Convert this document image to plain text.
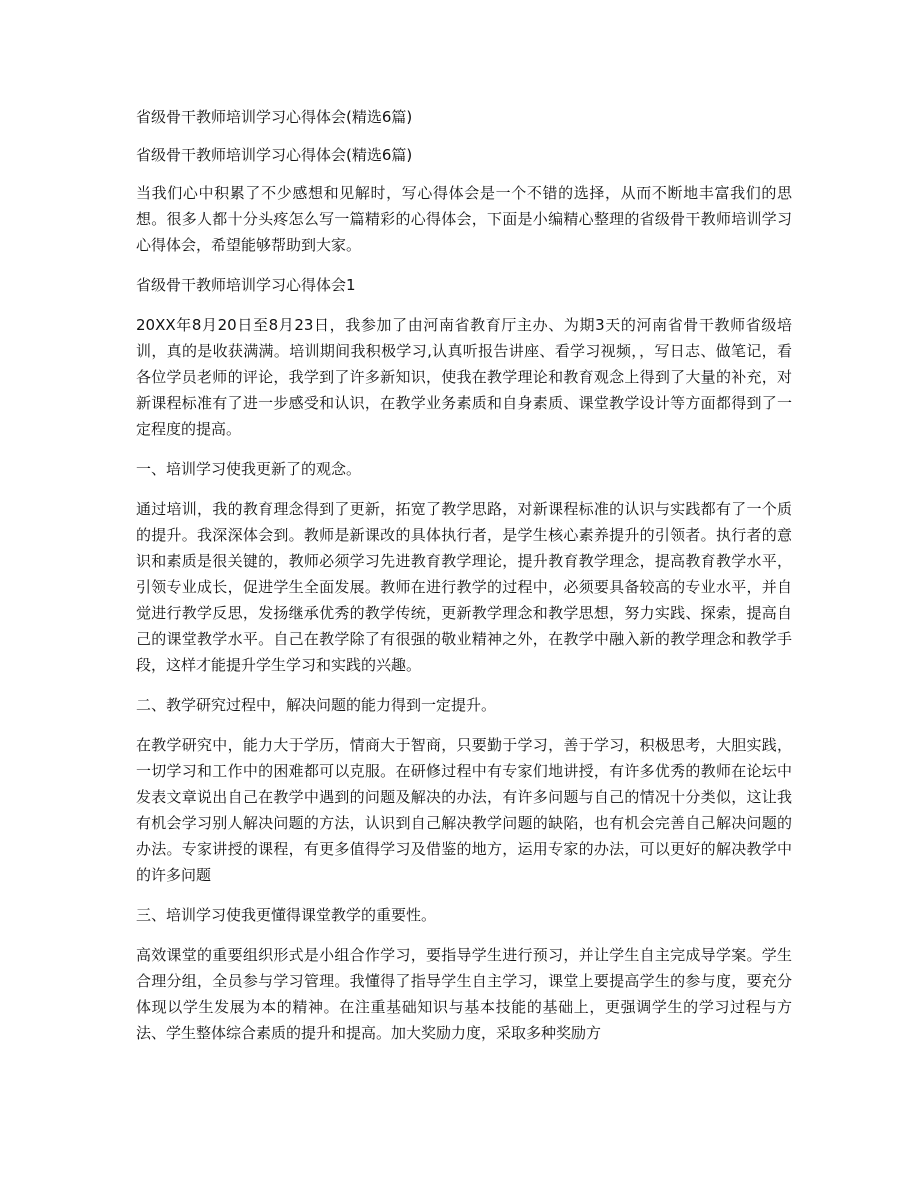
省级骨干教师培训学习心得体会(精选6篇)

省级骨干教师培训学习心得体会(精选6篇)

当我们心中积累了不少感想和见解时，写心得体会是一个不错的选择，从而不断地丰富我们的思想。很多人都十分头疼怎么写一篇精彩的心得体会，下面是小编精心整理的省级骨干教师培训学习心得体会，希望能够帮助到大家。

省级骨干教师培训学习心得体会1

20XX年8月20日至8月23日，我参加了由河南省教育厅主办、为期3天的河南省骨干教师省级培训，真的是收获满满。培训期间我积极学习,认真听报告讲座、看学习视频，，写日志、做笔记，看各位学员老师的评论，我学到了许多新知识，使我在教学理论和教育观念上得到了大量的补充，对新课程标准有了进一步感受和认识，在教学业务素质和自身素质、课堂教学设计等方面都得到了一定程度的提高。

一、培训学习使我更新了的观念。

通过培训，我的教育理念得到了更新，拓宽了教学思路，对新课程标准的认识与实践都有了一个质的提升。我深深体会到。教师是新课改的具体执行者，是学生核心素养提升的引领者。执行者的意识和素质是很关键的，教师必须学习先进教育教学理论，提升教育教学理念，提高教育教学水平，引领专业成长，促进学生全面发展。教师在进行教学的过程中，必须要具备较高的专业水平，并自觉进行教学反思，发扬继承优秀的教学传统，更新教学理念和教学思想，努力实践、探索，提高自己的课堂教学水平。自己在教学除了有很强的敬业精神之外，在教学中融入新的教学理念和教学手段，这样才能提升学生学习和实践的兴趣。

二、教学研究过程中，解决问题的能力得到一定提升。

在教学研究中，能力大于学历，情商大于智商，只要勤于学习，善于学习，积极思考，大胆实践，一切学习和工作中的困难都可以克服。在研修过程中有专家们地讲授，有许多优秀的教师在论坛中发表文章说出自己在教学中遇到的问题及解决的办法，有许多问题与自己的情况十分类似，这让我有机会学习别人解决问题的方法，认识到自己解决教学问题的缺陷，也有机会完善自己解决问题的办法。专家讲授的课程，有更多值得学习及借鉴的地方，运用专家的办法，可以更好的解决教学中的许多问题

三、培训学习使我更懂得课堂教学的重要性。

高效课堂的重要组织形式是小组合作学习，要指导学生进行预习，并让学生自主完成导学案。学生合理分组，全员参与学习管理。我懂得了指导学生自主学习，课堂上要提高学生的参与度，要充分体现以学生发展为本的精神。在注重基础知识与基本技能的基础上，更强调学生的学习过程与方法、学生整体综合素质的提升和提高。加大奖励力度，采取多种奖励方
